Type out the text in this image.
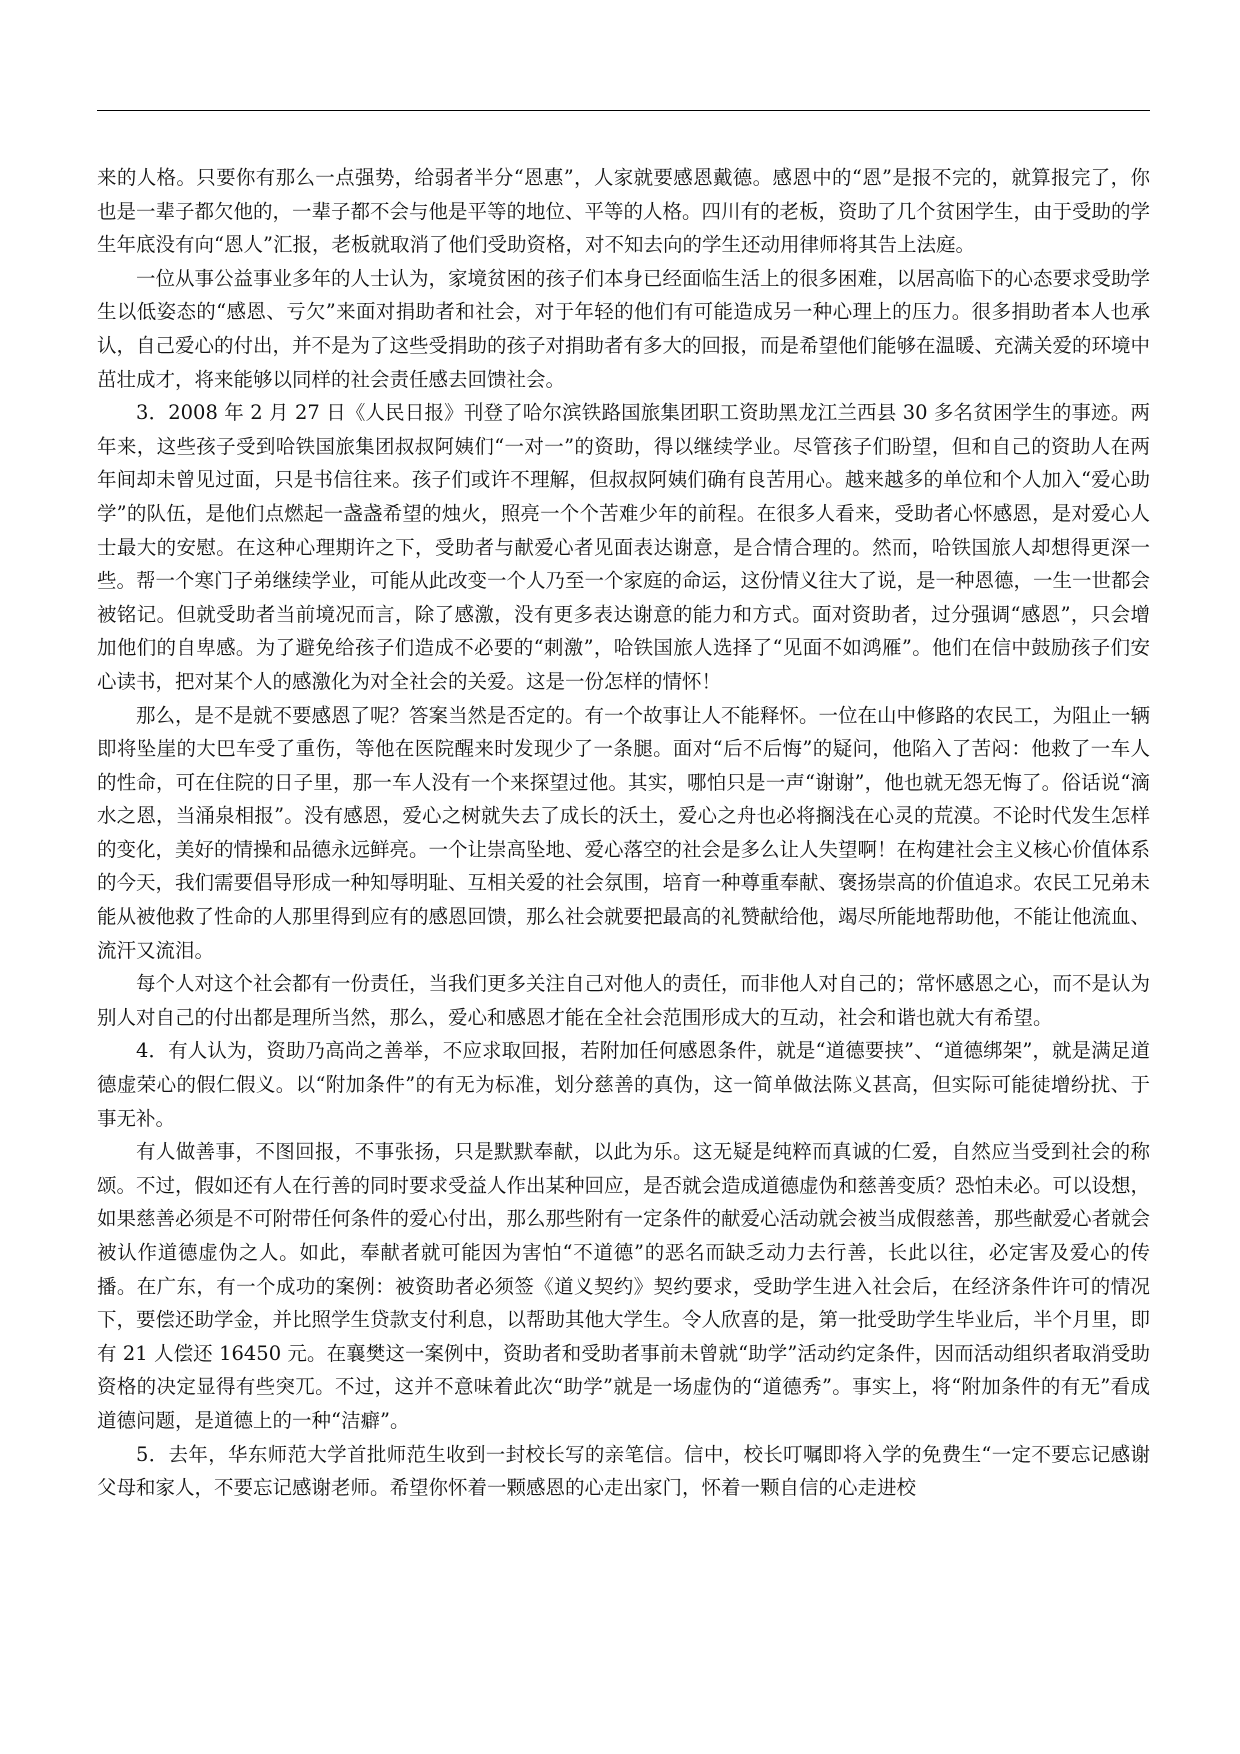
来的人格。只要你有那么一点强势，给弱者半分“恩惠”，人家就要感恩戴德。感恩中的“恩”是报不完的，就算报完了，你也是一辈子都欠他的，一辈子都不会与他是平等的地位、平等的人格。四川有的老板，资助了几个贫困学生，由于受助的学生年底没有向“恩人”汇报，老板就取消了他们受助资格，对不知去向的学生还动用律师将其告上法庭。

一位从事公益事业多年的人士认为，家境贫困的孩子们本身已经面临生活上的很多困难，以居高临下的心态要求受助学生以低姿态的“感恩、亏欠”来面对捐助者和社会，对于年轻的他们有可能造成另一种心理上的压力。很多捐助者本人也承认，自己爱心的付出，并不是为了这些受捐助的孩子对捐助者有多大的回报，而是希望他们能够在温暖、充满关爱的环境中茁壮成才，将来能够以同样的社会责任感去回馈社会。

3．2008 年 2 月 27 日《人民日报》刊登了哈尔滨铁路国旅集团职工资助黑龙江兰西县 30 多名贫困学生的事迹。两年来，这些孩子受到哈铁国旅集团叔叔阿姨们“一对一”的资助，得以继续学业。尽管孩子们盼望，但和自己的资助人在两年间却未曾见过面，只是书信往来。孩子们或许不理解，但叔叔阿姨们确有良苦用心。越来越多的单位和个人加入“爱心助学”的队伍，是他们点燃起一盏盏希望的烛火，照亮一个个苦难少年的前程。在很多人看来，受助者心怀感恩，是对爱心人士最大的安慰。在这种心理期许之下，受助者与献爱心者见面表达谢意，是合情合理的。然而，哈铁国旅人却想得更深一些。帮一个寒门子弟继续学业，可能从此改变一个人乃至一个家庭的命运，这份情义往大了说，是一种恩德，一生一世都会被铭记。但就受助者当前境况而言，除了感激，没有更多表达谢意的能力和方式。面对资助者，过分强调“感恩”，只会增加他们的自卑感。为了避免给孩子们造成不必要的“刺激”，哈铁国旅人选择了“见面不如鸿雁”。他们在信中鼓励孩子们安心读书，把对某个人的感激化为对全社会的关爱。这是一份怎样的情怀！

那么，是不是就不要感恩了呢？答案当然是否定的。有一个故事让人不能释怀。一位在山中修路的农民工，为阻止一辆即将坠崖的大巴车受了重伤，等他在医院醒来时发现少了一条腿。面对“后不后悔”的疑问，他陷入了苦闷：他救了一车人的性命，可在住院的日子里，那一车人没有一个来探望过他。其实，哪怕只是一声“谢谢”，他也就无怨无悔了。俗话说“滴水之恩，当涌泉相报”。没有感恩，爱心之树就失去了成长的沃土，爱心之舟也必将搁浅在心灵的荒漠。不论时代发生怎样的变化，美好的情操和品德永远鲜亮。一个让崇高坠地、爱心落空的社会是多么让人失望啊！在构建社会主义核心价值体系的今天，我们需要倡导形成一种知辱明耻、互相关爱的社会氛围，培育一种尊重奉献、褒扬崇高的价值追求。农民工兄弟未能从被他救了性命的人那里得到应有的感恩回馈，那么社会就要把最高的礼赞献给他，竭尽所能地帮助他，不能让他流血、流汗又流泪。

每个人对这个社会都有一份责任，当我们更多关注自己对他人的责任，而非他人对自己的；常怀感恩之心，而不是认为别人对自己的付出都是理所当然，那么，爱心和感恩才能在全社会范围形成大的互动，社会和谐也就大有希望。

4．有人认为，资助乃高尚之善举，不应求取回报，若附加任何感恩条件，就是“道德要挟”、“道德绑架”，就是满足道德虚荣心的假仁假义。以“附加条件”的有无为标准，划分慈善的真伪，这一简单做法陈义甚高，但实际可能徒增纷扰、于事无补。

有人做善事，不图回报，不事张扬，只是默默奉献，以此为乐。这无疑是纯粹而真诚的仁爱，自然应当受到社会的称颂。不过，假如还有人在行善的同时要求受益人作出某种回应，是否就会造成道德虚伪和慈善变质？恐怕未必。可以设想，如果慈善必须是不可附带任何条件的爱心付出，那么那些附有一定条件的献爱心活动就会被当成假慈善，那些献爱心者就会被认作道德虚伪之人。如此，奉献者就可能因为害怕“不道德”的恶名而缺乏动力去行善，长此以往，必定害及爱心的传播。在广东，有一个成功的案例：被资助者必须签《道义契约》契约要求，受助学生进入社会后，在经济条件许可的情况下，要偿还助学金，并比照学生贷款支付利息，以帮助其他大学生。令人欣喜的是，第一批受助学生毕业后，半个月里，即有 21 人偿还 16450 元。在襄樊这一案例中，资助者和受助者事前未曾就“助学”活动约定条件，因而活动组织者取消受助资格的决定显得有些突兀。不过，这并不意味着此次“助学”就是一场虚伪的“道德秀”。事实上，将“附加条件的有无”看成道德问题，是道德上的一种“洁癖”。

5．去年，华东师范大学首批师范生收到一封校长写的亲笔信。信中，校长叮嘱即将入学的免费生“一定不要忘记感谢父母和家人，不要忘记感谢老师。希望你怀着一颗感恩的心走出家门，怀着一颗自信的心走进校
